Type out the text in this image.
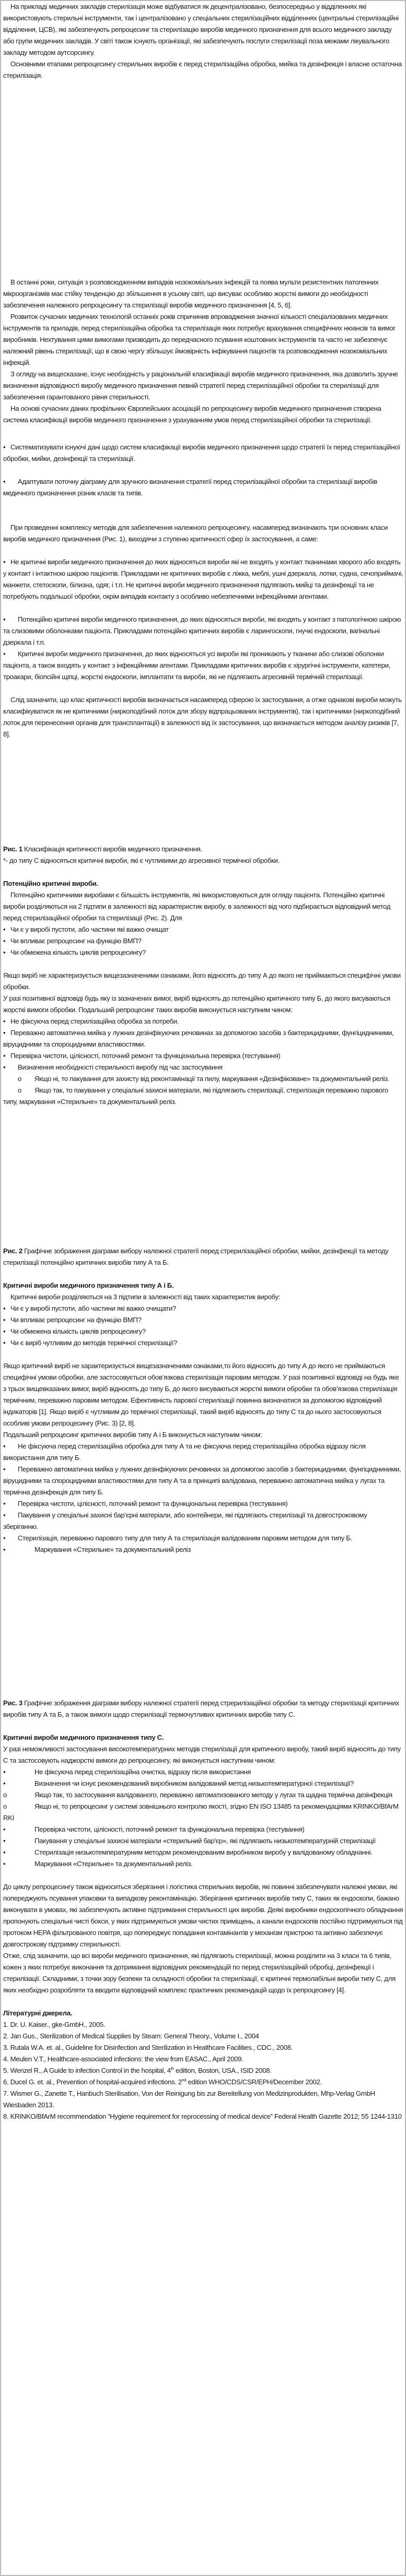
На прикладі медичних закладів стерилізація може відбуватися як децентралізовано, безпосередньо у відділеннях які використовують стерильні інструменти, так і централізовано у спеціальних стерилізаційних відділеннях (центральні стерилізаційні відділення, ЦСВ), які забезпечують репроцесинг та стерилізацію виробів медичного призначення для всього медичного закладу або групи медичних закладів. У світі також існують організації, які забезпечують послуги стерилізації поза межами лікувального закладу методом аутсорсингу.

Основними етапами репроцесингу стерильних виробів є перед стерилізаційна обробка, мийка та дезінфекція і власне остаточна стерилізація.

В останні роки, ситуація з розповсюдженням випадків нозокоміальних інфекцій та поява мульти резистентних патогенних мікроорганізмів має стійку тенденцію до збільшення в усьому світі, що висуває особливо жорсткі вимоги до необхідності забезпечення належного репроцесингу та стерилізації виробів медичного призначення [4, 5, 6].

Розвиток сучасних медичних технологій останніх років спричинив впровадження значної кількості спеціалізованих медичних інструментів та приладів, перед стерилізаційна обробка та стерилізація яких потребує врахування специфічних нюансів та вимог виробників. Нехтування цими вимогами призводить до передчасного псування коштовних інструментів та часто не забезпечує належний рівень стерилізації, що в свою чергу збільшує ймовірність інфікування пацієнтів та розповсюдження нозокоміальних інфекцій.

З огляду на вищесказане, існує необхідність у раціональній класифікації виробів медичного призначення, яка дозволить зручне визначення відповідності виробу медичного призначення певній стратегії перед стерилізаційної обробки та стерилізації для забезпечення гарантованого рівня стерильності.

На основі сучасних даних профільних Європейських асоціацій по репроцесингу виробів медичного призначення створена система класифікації виробів медичного призначення з урахуванням умов перед стерилізаційної обробки та стерилізації.

• Систематизувати існуючі дані щодо систем класифікації виробів медичного призначення щодо стратегії їх перед стерилізаційної обробки, мийки, дезінфекції та стерилізації.

• Адаптувати поточну діаграму для зручного визначення стратегії перед стерилізаційної обробки та стерилізації виробів медичного призначення різник класів та типів.

При проведенні комплексу методів для забезпечення належного репроцесингу, насамперед визначають три основних класи виробів медичного призначення (Рис. 1), виходячи з ступеню критичності сфер їх застосування, а саме:

• Не критичні вироби медичного призначення до яких відносяться вироби які не входять у контакт тканинами хворого або входять у контакт і інтактною шкірою пацієнтів. Прикладами не критичних виробів є ліжка, меблі, ушні дзеркала, лотки, судна, сечоприймачі, манжети, стетоскопи, білизна, одяг, і т.п. Не критичні вироби медичного призначення підлягають мийці та дезінфекції та не потребують подальшої обробки, окрім випадків контакту з особливо небезпечними інфекційними агентами.

• Потенційно критичні вироби медичного призначення, до яких відносяться вироби, які входять у контакт з патологічною шкірою та слизовими оболонками пацієнта. Прикладами потенційно критичних виробів є ларингоскопи, гнучкі ендоскопи, вагінальні дзеркала і т.п.

• Критичні вироби медичного призначення, до яких відносяться усі вироби які проникають у тканини або слизові оболонки пацієнта, а також входять у контакт з інфекційними агентами. Прикладами критичних виробів є хірургічні інструменти, катетери, троакари, біопсійні щіпці, жорсткі ендоскопи, імплантати та вироби, які не підлягають агресивній термічній стерилізації.

Слід зазначити, що клас критичності виробів визначається насамперед сферою їх застосування, а отже однакові вироби можуть класифікуватися як не критичними (ниркоподібний лоток для збору відпрацьованих інструментів), так і критичними (ниркоподібний лоток для перенесення органів для трансплантації) в залежності від їх застосування, що визначається методом аналізу ризиків [7, 8].

Рис. 1 Класифікація критичності виробів медичного призначення.

*- до типу С відносяться критичні вироби, які є чутливими до агресивної термічної обробки.

Потенційно критичні вироби.

Потенційно критичними виробами є більшість інструментів, які використовуються для огляду пацієнта. Потенційно критичні вироби розділяються на 2 підтипи в залежності від характеристик виробу, в залежності від чого підбирається відповідний метод перед стерилізаційної обробки та стерилізації (Рис. 2). Для

• Чи є у виробі пустоти, або частини які важко очищат

• Чи впливає репроцесинг на функцію ВМП?

• Чи обмежена кількість циклів репроцесингу?

Якщо виріб не характеризується вищезазначеними ознаками, його відносять до типу А до якого не приймаються специфічні умови обробки.

У разі позитивної відповіді будь яку із зазначених вимог, виріб відносять до потенційно критичного типу Б, до якого висуваються жорсткі вимоги обробки. Подальший репроцесинг таких виробів виконується наступним чином:

• Не фіксуюча перед стерилізаційна обробка за потреби.

• Переважно автоматична мийка у лужних дезінфікуючих речовинах за допомогою засобів з бактерицидними, фунгіцидниними, віруцидними та спороцидними властивостями.

• Перевірка чистоти, цілісності, поточний ремонт та функціональна перевірка (тестування)

• Визначення необхідності стерильності виробу під час застосування

o Якщо ні, то пакування для захисту від реконтамінації та пилу, маркування «Дезінфіковане» та документальний реліз.

o Якщо так, то пакування у спеціальні захисні матеріали, які підлягають стерилізації, стерилізація переважно парового типу, маркування «Стерильне» та документальний реліз.

Рис. 2 Графічне зображення діаграми вибору належної стратегії перед стрерилізаційної обробки, мийки, дезінфекції та методу стерилізації потенційно критичних виробів типу А та Б.

Критичні вироби медичного призначення типу А і Б.

Критичні вироби розділяються на 3 підтипи в залежності від таких характеристик виробу:

• Чи є у виробі пустоти, або частини які важко очищати?

• Чи впливає репроцесинг на функцію ВМП?

• Чи обмежена кількість циклів репроцесингу?

• Чи є виріб чутливим до методів термічної стерилізації?

Якщо критичний виріб не характеризується вищезазначеними ознаками,то його відносять до типу А до якого не приймаються специфічні умови обробки, але застосовується обов’язкова стерилізація паровим методом. У разі позитивної відповіді на будь яке з трьох вищевказаних вимог, виріб відносять до типу Б, до якого висуваються жорсткі вимоги обробки та обов’язкова стерилізація термічним, переважно паровим методом. Ефективність парової стерилізації повинна визначатися за допомогою відповідний індикаторів [1]. Якщо виріб є чутливим до термічної стерилізації, такий виріб відносять до типу С та до нього застосовуються особливі умови репроцесингу (Рис. 3) [2, 8].

Подальший репроцесинг критичних виробів типу А і Б виконується наступним чином:

• Не фіксуюча перед стерилізаційна обробка для типу А та не фіксуюча перед стерилізаційна обробка відразу після використання для типу Б.

• Переважно автоматична мийка у лужних дезінфікуючих речовинах за допомогою засобів з бактерицидними, фунгіцидниними, віруцидними та спороцидними властивостями для типу А та в принципі валідована, переважно автоматична мийка у лугах та термічна дезінфекція для типу Б.

• Перевірка чистоти, цілісності, поточний ремонт та функціональна перевірка (тестування)

• Пакування у спеціальні захисні бар’єрні матеріали, або контейнери, які підлягають стерилізації та довгостроковому зберіганню.

• Стерилізація, переважно парового типу для типу А та стерилізація валідованим паровим методом для типу Б.

• Маркування «Стерильне» та документальний реліз

Рис. 3 Графічне зображення діаграми вибору належної стратегії перед стрерилізаційної обробки та методу стерилізації критичних виробів типу А та Б, а також вимоги щодо стерилізації термочутливих критичних виробів типу С.

Критичні вироби медичного призначення типу С.

У разі неможливості застосування високотемпературних методів стерилізації для критичного виробу, такий виріб відносять до типу С та застосовують наджорсткі вимоги до репроцесингу, які виконується наступним чином:

• Не фіксуюча перед стерилізаційна очистка, відразу після використання

• Визначення чи існує рекомендований виробником валідований метод низькотемпературної стерилізації?

o Якщо так, то застосування валідованого, переважно автоматизованого методу у лугах та щадна термічна дезінфекція

o Якщо ні, то репроцесинг у системі зовнішнього контролю якості, згідно EN ISO 13485 та рекомендаціями KRINKO/BfArM RKI

• Перевірка чистоти, цілісності, поточний ремонт та функціональна перевірка (тестування)

• Пакування у спеціальні захисні матеріали «стерильний бар'єр», які підлягають низькотемпературній стерилізації

• Стерилізація низькотемпературним методом рекомендованим виробником виробу у валідованому обладнанні.

• Маркування «Стерильне» та документальний реліз.

До циклу репроцесингу також відноситься зберігання і логістика стерильних виробів, які повинні забезпечувати належні умови, які попереджують псування упаковки та випадкову реконтамінацію. Зберігання критичних виробів типу С, таких як ендоскопи, бажано виконувати в умовах, які забезпечують активне підтримання стерильності цих виробів. Деякі виробники ендоскопічного обладнання пропонують спеціальні чисті бокси, у яких підтримуються умови чистих приміщень, а канали ендоскопів постійно підтримуються під протоком HEPA фільтрованого повітря, що попереджує попадання контамінантів у механізм пристрою та активно забезпечує довгострокову підтримку стерильності.

Отже, слід зазначити, що всі вироби медичного призначення, які підлягають стерилізації, можна розділити на 3 класи та 6 типів, кожен з яких потребує виконання та дотримання відповідних рекомендацій по перед стерилізаційній обробці, дезінфекції і стерилізації. Складними, з точки зору безпеки та складності обробки та стерилізації, є критичні термолабільні вироби типу С, для яких необхідно розробляти та вводити відповідний комплекс практичних рекомендацій щодо їх репроцесингу [4].

Літературні джерела.

1. Dr. U. Kaiser., gke-GmbH., 2005.

2. Jan Gus., Sterilization of Medical Supplies by Steam: General Theory., Volume I., 2004

3. Rutala W.A. et. al., Guideline for Disinfection and Sterilization in Healthcare Facilities., CDC., 2008.

4. Meulen V.T., Healthcare-associated infections: the view from EASAC., April 2009.

5. Wenzel R., A Guide to infection Control in the hospital, 4th edition, Boston, USA., ISID 2008.

6. Ducel G. et. al., Prevention of hospital-acquired infections. 2nd edition WHO/CDS/CSR/EPH/December 2002.

7. Wismer G., Zanette T., Hanbuch Sterilisation, Von der Reinigung bis zur Bereitellung von Medizinprodukten, Mhp-Verlag GmbH Wiesbaden 2013.

8. KRINKO/BfArM recommendation “Hygiene requirement for reprocessing of medical device” Federal Health Gazette 2012; 55 1244-1310
